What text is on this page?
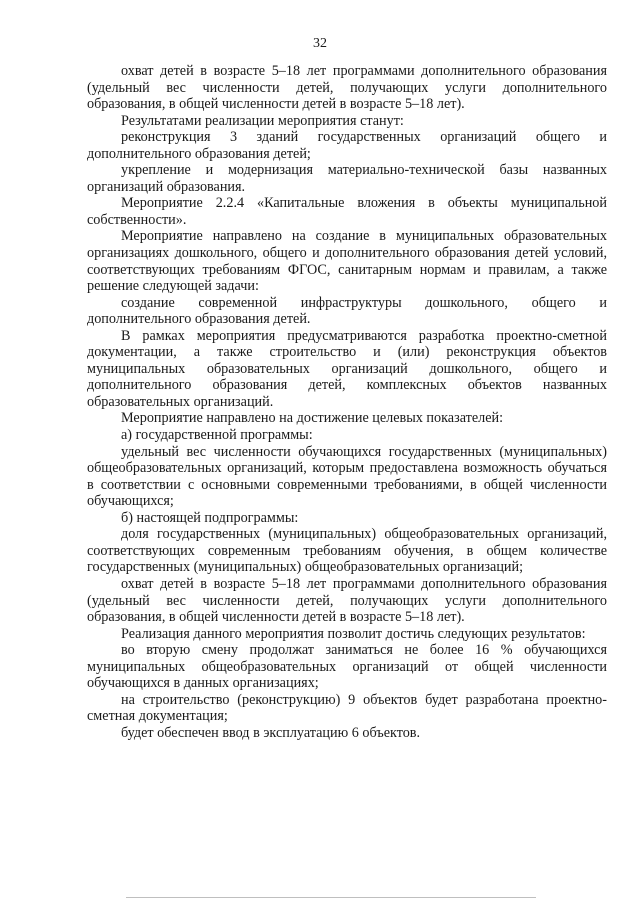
32

охват детей в возрасте 5–18 лет программами дополнительного образования (удельный вес численности детей, получающих услуги дополнительного образования, в общей численности детей в возрасте 5–18 лет).

Результатами реализации мероприятия станут:

реконструкция 3 зданий государственных организаций общего и дополнительного образования детей;

укрепление и модернизация материально-технической базы названных организаций образования.

Мероприятие 2.2.4 «Капитальные вложения в объекты муниципальной собственности».

Мероприятие направлено на создание в муниципальных образовательных организациях дошкольного, общего и дополнительного образования детей условий, соответствующих требованиям ФГОС, санитарным нормам и правилам, а также решение следующей задачи:

создание современной инфраструктуры дошкольного, общего и дополнительного образования детей.

В рамках мероприятия предусматриваются разработка проектно-сметной документации, а также строительство и (или) реконструкция объектов муниципальных образовательных организаций дошкольного, общего и дополнительного образования детей, комплексных объектов названных образовательных организаций.

Мероприятие направлено на достижение целевых показателей:

а) государственной программы:

удельный вес численности обучающихся государственных (муниципальных) общеобразовательных организаций, которым предоставлена возможность обучаться в соответствии с основными современными требованиями, в общей численности обучающихся;

б) настоящей подпрограммы:

доля государственных (муниципальных) общеобразовательных организаций, соответствующих современным требованиям обучения, в общем количестве государственных (муниципальных) общеобразовательных организаций;

охват детей в возрасте 5–18 лет программами дополнительного образования (удельный вес численности детей, получающих услуги дополнительного образования, в общей численности детей в возрасте 5–18 лет).

Реализация данного мероприятия позволит достичь следующих результатов:

во вторую смену продолжат заниматься не более 16 % обучающихся муниципальных общеобразовательных организаций от общей численности обучающихся в данных организациях;

на строительство (реконструкцию) 9 объектов будет разработана проектно-сметная документация;

будет обеспечен ввод в эксплуатацию 6 объектов.
